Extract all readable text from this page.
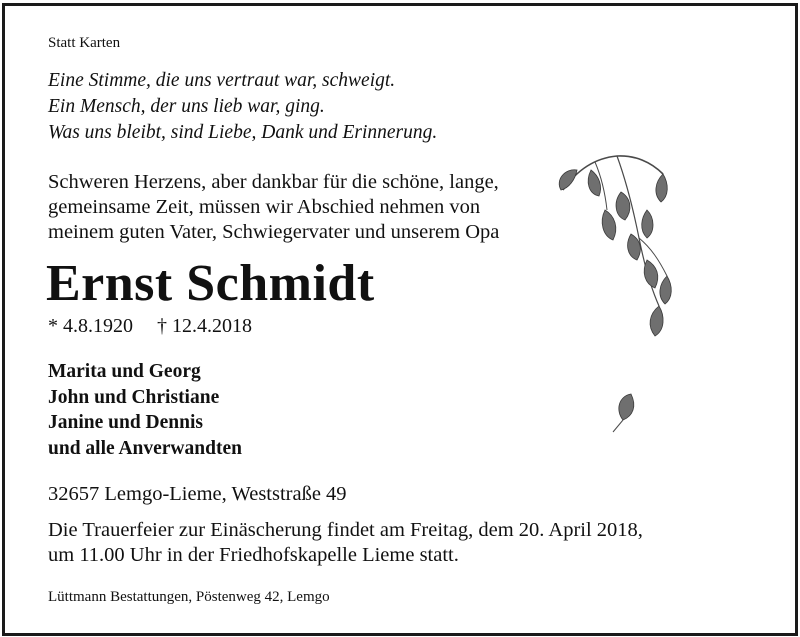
Statt Karten
Eine Stimme, die uns vertraut war, schweigt.
Ein Mensch, der uns lieb war, ging.
Was uns bleibt, sind Liebe, Dank und Erinnerung.
Schweren Herzens, aber dankbar für die schöne, lange,
gemeinsame Zeit, müssen wir Abschied nehmen von
meinem guten Vater, Schwiegervater und unserem Opa
Ernst Schmidt
* 4.8.1920 † 12.4.2018
Marita und Georg
John und Christiane
Janine und Dennis
und alle Anverwandten
32657 Lemgo-Lieme, Weststraße 49
Die Trauerfeier zur Einäscherung findet am Freitag, dem 20. April 2018,
um 11.00 Uhr in der Friedhofskapelle Lieme statt.
Lüttmann Bestattungen, Pöstenweg 42, Lemgo
